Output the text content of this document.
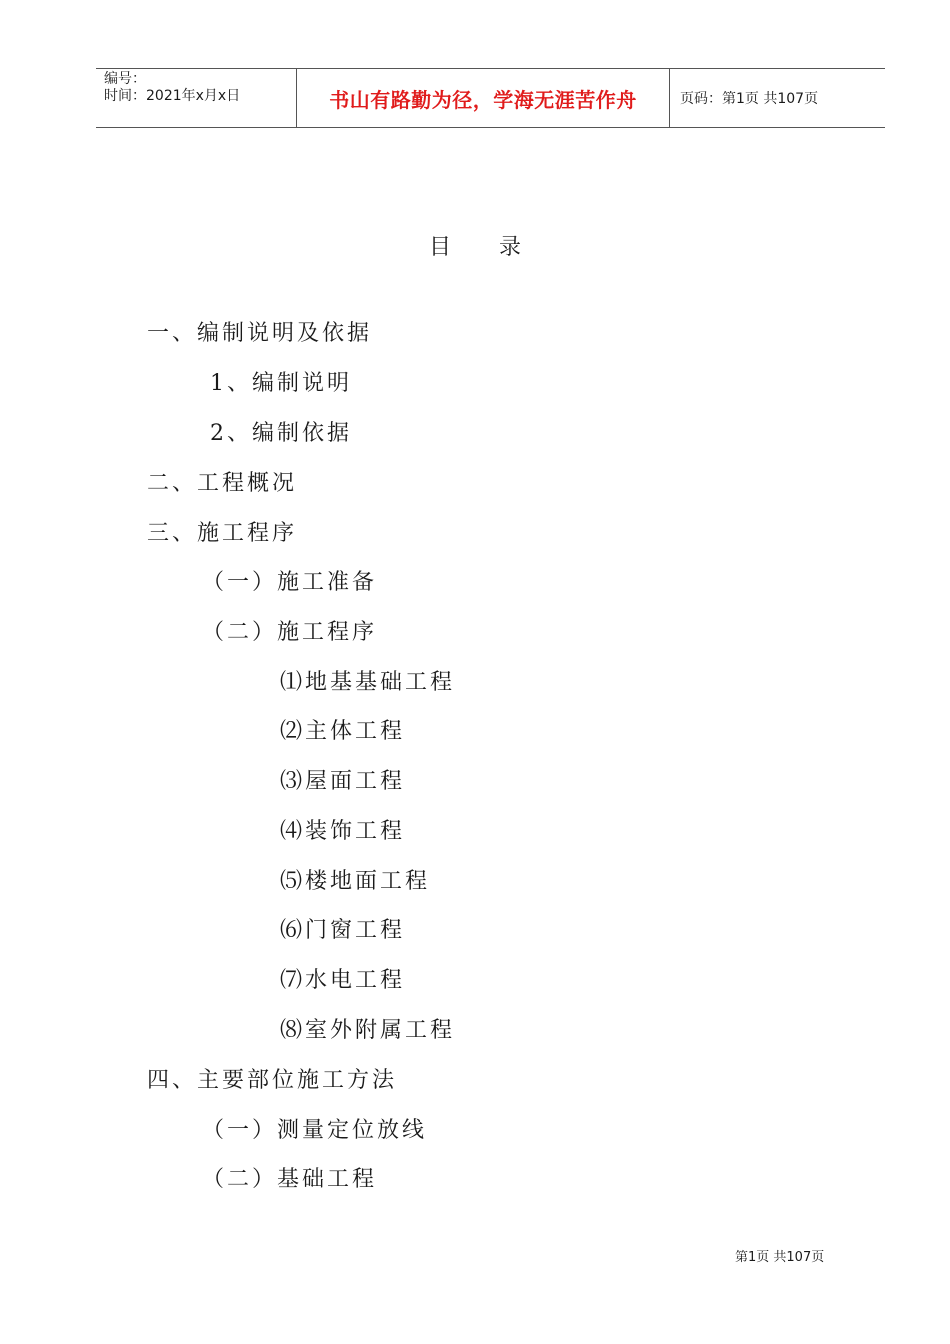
编号：
时间：2021年x月x日	书山有路勤为径，学海无涯苦作舟	页码：第1页 共107页
目 录
一、编制说明及依据
1、编制说明
2、编制依据
二、工程概况
三、施工程序
（一）施工准备
（二）施工程序
⑴地基基础工程
⑵主体工程
⑶屋面工程
⑷装饰工程
⑸楼地面工程
⑹门窗工程
⑺水电工程
⑻室外附属工程
四、主要部位施工方法
（一）测量定位放线
（二）基础工程
第1页 共107页
